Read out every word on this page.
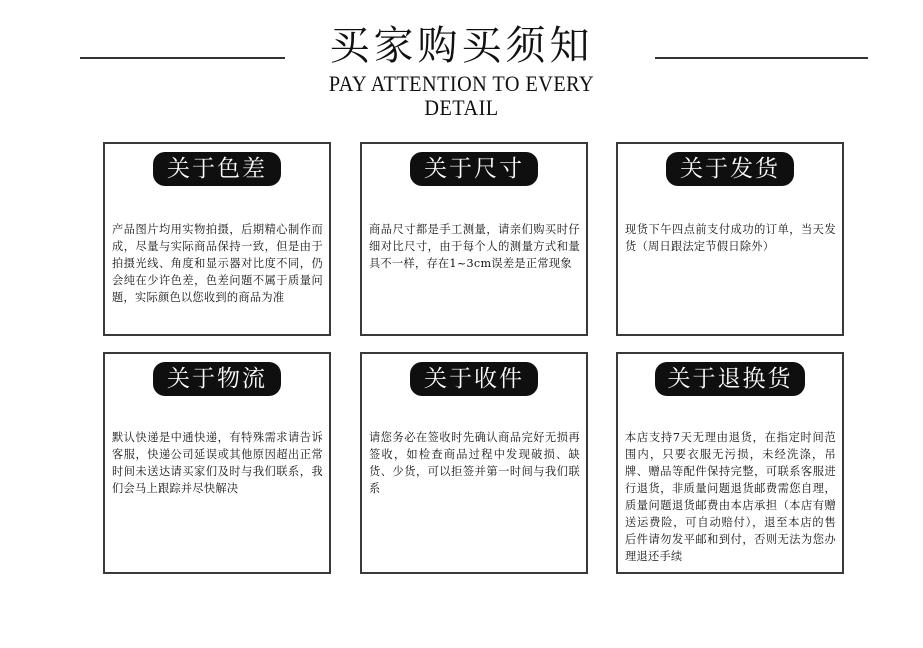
买家购买须知
PAY ATTENTION TO EVERY DETAIL
关于色差
产品图片均用实物拍摄，后期精心制作而成，尽量与实际商品保持一致，但是由于拍摄光线、角度和显示器对比度不同，仍会纯在少许色差，色差问题不属于质量问题，实际颜色以您收到的商品为准
关于尺寸
商品尺寸都是手工测量，请亲们购买时仔细对比尺寸，由于每个人的测量方式和量具不一样，存在1~3cm误差是正常现象
关于发货
现货下午四点前支付成功的订单，当天发货（周日跟法定节假日除外）
关于物流
默认快递是中通快递，有特殊需求请告诉客服，快递公司延误或其他原因超出正常时间未送达请买家们及时与我们联系，我们会马上跟踪并尽快解决
关于收件
请您务必在签收时先确认商品完好无损再签收，如检查商品过程中发现破损、缺货、少货，可以拒签并第一时间与我们联系
关于退换货
本店支持7天无理由退货，在指定时间范围内，只要衣服无污损，未经洗涤，吊牌、赠品等配件保持完整，可联系客服进行退货，非质量问题退货邮费需您自理，质量问题退货邮费由本店承担（本店有赠送运费险，可自动赔付），退至本店的售后件请勿发平邮和到付，否则无法为您办理退还手续
